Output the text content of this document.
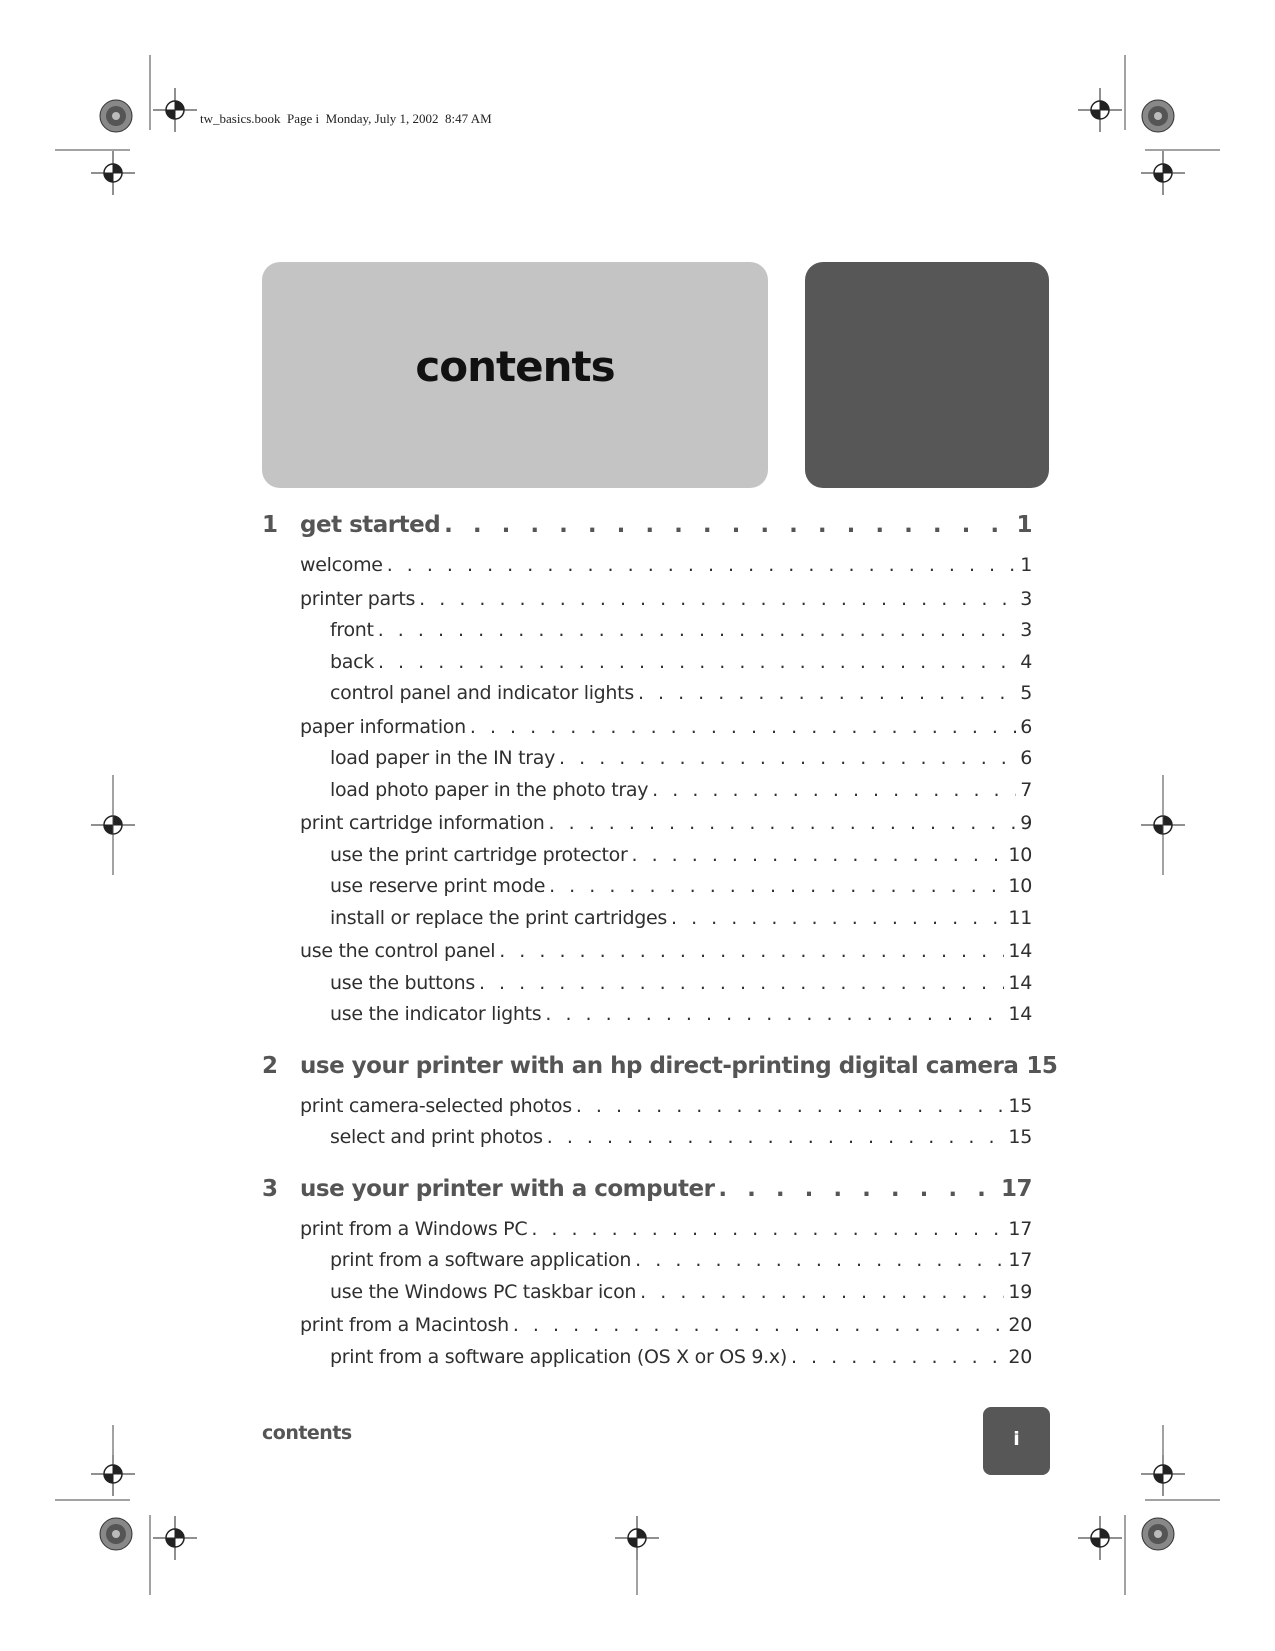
tw_basics.book  Page i  Monday, July 1, 2002  8:47 AM
contents
1 get started . . .	1
welcome . . .	1
printer parts . . .	3
front . . .	3
back . . .	4
control panel and indicator lights . . .	5
paper information . . .	6
load paper in the IN tray . . .	6
load photo paper in the photo tray . . .	7
print cartridge information . . .	9
use the print cartridge protector . . .	10
use reserve print mode . . .	10
install or replace the print cartridges . . .	11
use the control panel . . .	14
use the buttons . . .	14
use the indicator lights . . .	14
2 use your printer with an hp direct-printing digital camera 15
print camera-selected photos . . .	15
select and print photos . . .	15
3 use your printer with a computer . . .	17
print from a Windows PC . . .	17
print from a software application . . .	17
use the Windows PC taskbar icon . . .	19
print from a Macintosh . . .	20
print from a software application (OS X or OS 9.x) . . .	20
contents	i
